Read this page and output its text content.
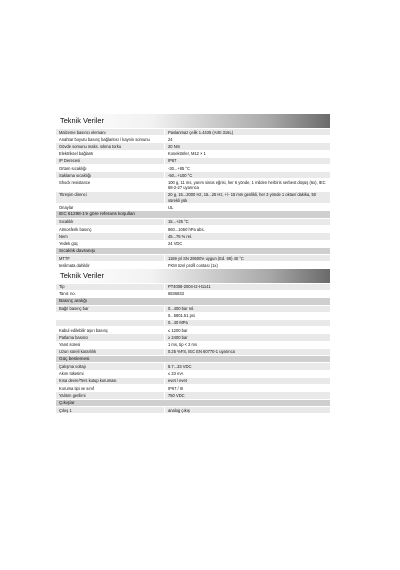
Teknik Veriler
Malzeme basıncı elemanı	Paslanmaz çelik 1.4435 (AISI 316L)
Anahtar boyutu basınç bağlantısı / kaynin somunu	24
Gövde somunu maks. sıkma torku	20 Nm
Elektriksel bağlantı	Konektörler, M12 × 1
IP Derecesi	IP67
Ortam sıcaklığı	-30...+85 °C
Saklama sıcaklığı	-50...+100 °C
Shock resistance	100 g, 11 ms, yarım sinüs eğrisi, her 6 yönde, 1 milden herbiris serbest düşüş (6x), IEC 68-2-27 uyarınca
Titreşim direnci	20 g, 15...2000 Hz, 15...25 Hz, +/- 15 mm genlikli, her 3 yönde 1 oktav/ dakika, 50 sürekli yük
Onaylar	UL
IEC 61298-1'e göre referans koşulları
Sıcaklık	15...+25 °C
Atmosferik basınç	860...1060 hPa abs.
Nem	45...75 % rel.
Yedek güç	24 VDC
Sıcaklık davranışı
MTTF	1169 yıl SN 29500'e uygun (Ed. 99) 40 °C
teslimata dahildir	FKM özel profil contası (1x)
Teknik Veriler
Tip	PT4008-2004-I2-H1141
Tanıt. no.	6836833
Basınç aralığı
Bağıl basınç bar	0...400 bar rel.
0...5801.51 psi
0...40 MPa
Kabul edilebilir aşırı basınç	≤ 1200 bar
Patlama basıncı	≥ 2400 bar
Yanıt süresi	1 ms, tip < 2 ms
Uzun süreli kararlılık	0.25 %FS, IEC EN 60770-1 uyarınca
Güç beslemesi
Çalışma voltajı	8.7...33 VDC
Akım tüketimi	≤ 23 mA
Kısa devre/Ters kutup koruması	evet / evet
Koruma tipi ve sınıf	IP67 / III
Yalıtım gerilimi	750 VDC
Çıkışlar
Çıkış 1	analog çıkış
